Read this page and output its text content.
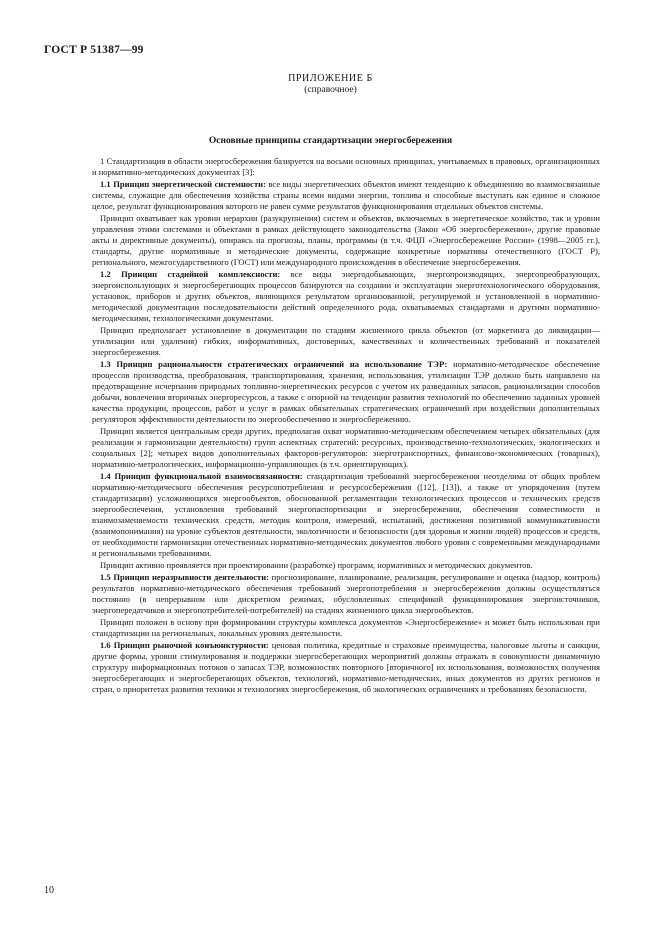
ГОСТ Р 51387—99
ПРИЛОЖЕНИЕ Б
(справочное)
Основные принципы стандартизации энергосбережения

1 Стандартизация в области энергосбережения базируется на восьми основных принципах, учитываемых в правовых, организационных и нормативно-методических документах [3]:

1.1 Принцип энергетической системности: все виды энергетических объектов имеют тенденцию к объединению во взаимосвязанные системы, служащие для обеспечения хозяйства страны всеми видами энергии, топлива и способные выступать как единое и сложное целое, результат функционирования которого не равен сумме результатов функционирования отдельных объектов системы.

Принцип охватывает как уровни иерархии (разукрупнения) систем и объектов, включаемых в энергетическое хозяйство, так и уровни управления этими системами и объектами в рамках действующего законодательства (Закон «Об энергосбережении», другие правовые акты и директивные документы), опираясь на прогнозы, планы, программы (в т.ч. ФЦП «Энергосбережение России» (1998—2005 гг.), стандарты, другие нормативные и методические документы, содержащие конкретные нормативы отечественного (ГОСТ Р), регионального, межгосударственного (ГОСТ) или международного происхождения в обеспечение энергосбережения.

1.2 Принцип стадийной комплексности: все виды энергодобывающих, энергопроизводящих, энергопреобразующих, энергоиспользующих и энергосберегающих процессов базируются на создании и эксплуатации энерготехнологического оборудования, установок, приборов и других объектов, являющихся результатом организованной, регулируемой и установленной в нормативно-методической документации последовательности действий определенного рода, охватываемых стандартами и другими нормативно-методическими, технологическими документами.

Принцип предполагает установление в документации по стадиям жизненного цикла объектов (от маркетинга до ликвидации—утилизации или удаления) гибких, информативных, достоверных, качественных и количественных требований и показателей энергосбережения.

1.3 Принцип рациональности стратегических ограничений на использование ТЭР: нормативно-методическое обеспечение процессов производства, преобразования, транспортирования, хранения, использования, утилизации ТЭР должно быть направлено на предотвращение исчерпания природных топливно-энергетических ресурсов с учетом их разведанных запасов, рационализации способов добычи, вовлечения вторичных энергоресурсов, а также с опорной на тенденции развития технологий по обеспечению заданных уровней качества продукции, процессов, работ и услуг в рамках обязательных стратегических ограничений при воздействии дополнительных регуляторов эффективности деятельности по энергообеспечению и энергосбережению.

Принцип является центральным среди других, предполагая охват нормативно-методическим обеспечением четырех обязательных (для реализации и гармонизации деятельности) групп аспектных стратегий: ресурсных, производственно-технологических, экологических и социальных [2]; четырех видов дополнительных факторов-регуляторов: энерготранспортных, финансово-экономических (товарных), нормативно-метрологических, информационно-управляющих (в т.ч. ориентирующих).

1.4 Принцип функциональной взаимосвязанности: стандартизация требований энергосбережения неотделима от общих проблем нормативно-методического обеспечения ресурсопотребления и ресурсосбережения ([12], [13]), а также от упорядочения (путем стандартизации) усложняющихся энергообъектов, обоснованной регламентации технологических процессов и технических средств энергообеспечения, установления требований энергопаспортизации и энергосбережения, обеспечения совместимости и взаимозаменяемости технических средств, методик контроля, измерений, испытаний, достижения позитивной коммуникативности (взаимопонимания) на уровне субъектов деятельности, экологичности и безопасности (для здоровья и жизни людей) процессов и средств, от необходимости гармонизации отечественных нормативно-методических документов любого уровня с современными международными и региональными требованиями.

Принцип активно проявляется при проектировании (разработке) программ, нормативных и методических документов.

1.5 Принцип неразрывности деятельности: прогнозирование, планирование, реализация, регулирование и оценка (надзор, контроль) результатов нормативно-методического обеспечения требований энергопотребления и энергосбережения должны осуществляться постоянно (в непрерывном или дискретном режимах, обусловленных спецификой функционирования энергоисточников, энергопередатчиков и энергопотребителей-потребителей) на стадиях жизненного цикла энергообъектов.

Принцип положен в основу при формировании структуры комплекса документов «Энергосбережение» и может быть использован при стандартизации на региональных, локальных уровнях деятельности.

1.6 Принцип рыночной конъюнктурности: ценовая политика, кредитные и страховые преимущества, налоговые льготы и санкции, другие формы, уровни стимулирования и поддержки энергосберегающих мероприятий должны отражать в совокупности динамичную структуру информационных потоков о запасах ТЭР, возможностях повторного [вторичного] их использования, возможностях получения энергосберегающих и энергосберегающих объектов, технологий, нормативно-методических, иных документов из других регионов и стран, о приоритетах развития техники и технологиях энергосбережения, об экологических ограничениях и требованиях безопасности.

10
